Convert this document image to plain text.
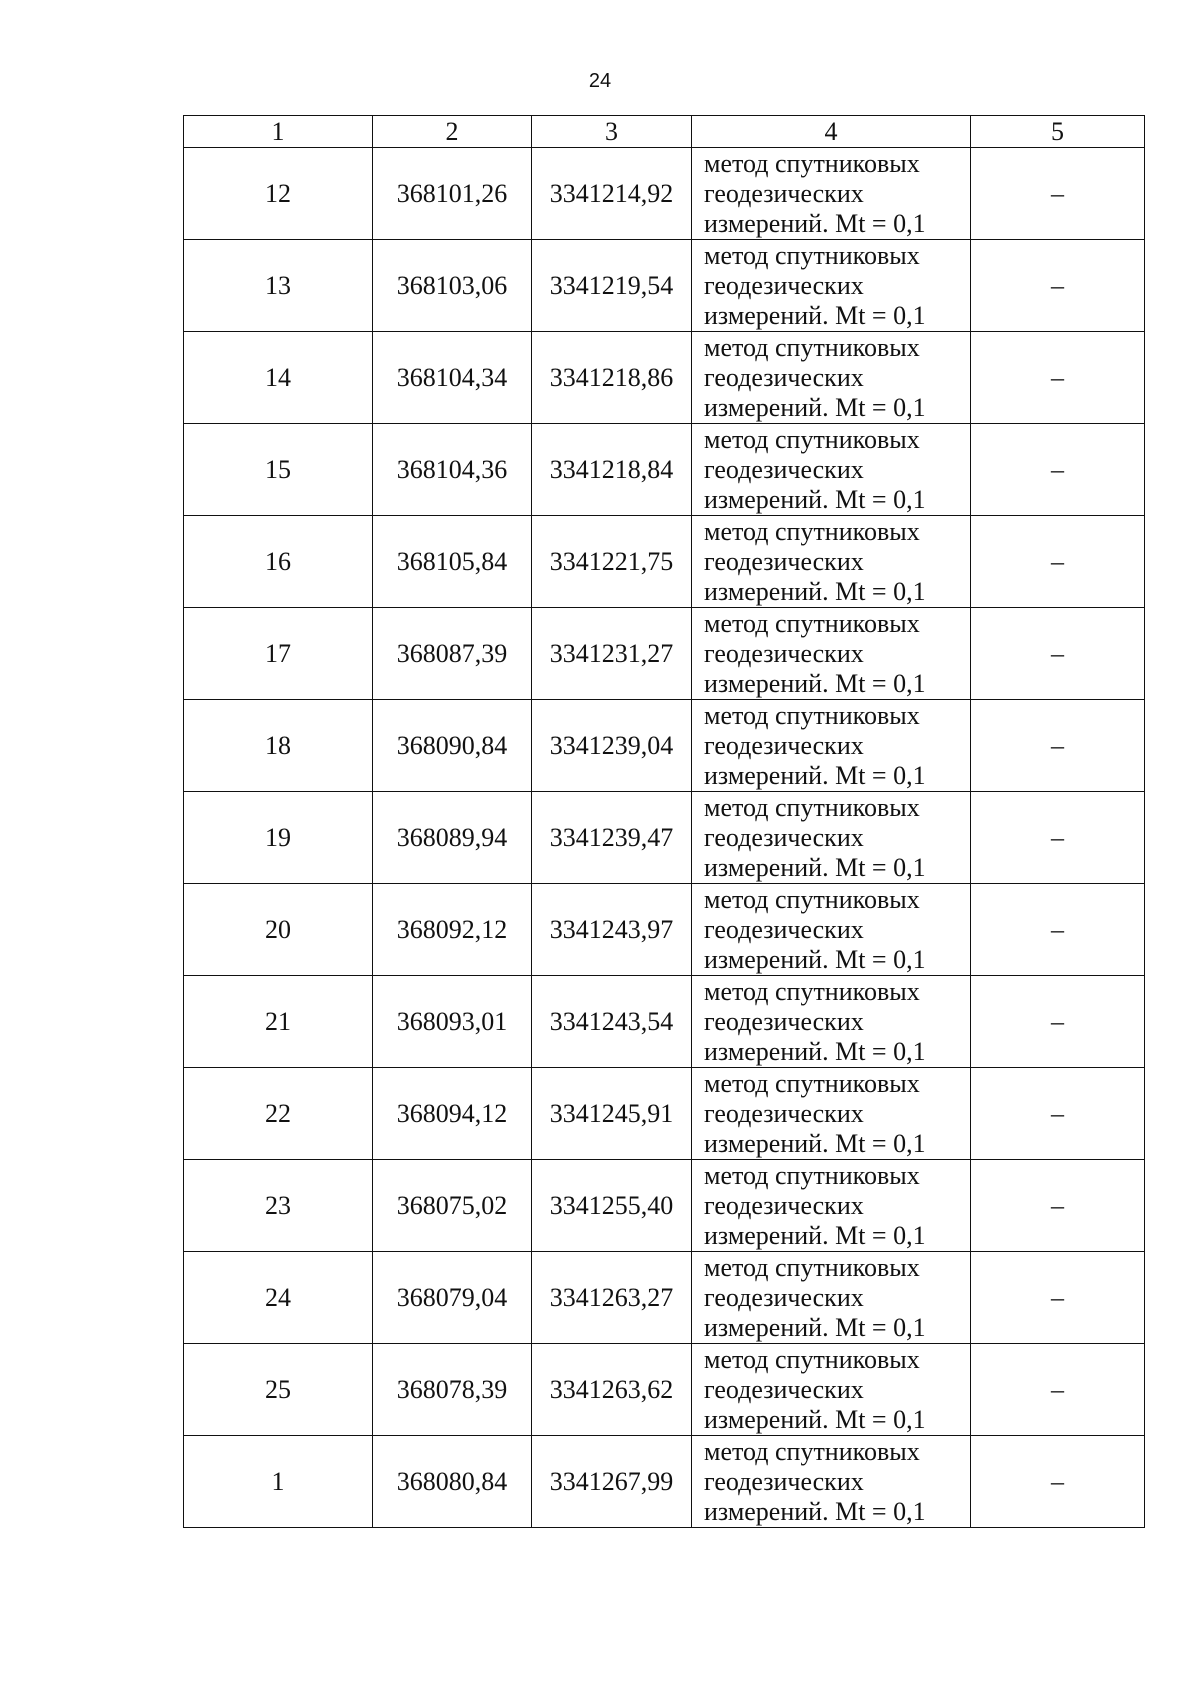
24
1	2	3	4	5
12	368101,26	3341214,92	метод спутниковых
геодезических
измерений. Mt = 0,1	–
13	368103,06	3341219,54	метод спутниковых
геодезических
измерений. Mt = 0,1	–
14	368104,34	3341218,86	метод спутниковых
геодезических
измерений. Mt = 0,1	–
15	368104,36	3341218,84	метод спутниковых
геодезических
измерений. Mt = 0,1	–
16	368105,84	3341221,75	метод спутниковых
геодезических
измерений. Mt = 0,1	–
17	368087,39	3341231,27	метод спутниковых
геодезических
измерений. Mt = 0,1	–
18	368090,84	3341239,04	метод спутниковых
геодезических
измерений. Mt = 0,1	–
19	368089,94	3341239,47	метод спутниковых
геодезических
измерений. Mt = 0,1	–
20	368092,12	3341243,97	метод спутниковых
геодезических
измерений. Mt = 0,1	–
21	368093,01	3341243,54	метод спутниковых
геодезических
измерений. Mt = 0,1	–
22	368094,12	3341245,91	метод спутниковых
геодезических
измерений. Mt = 0,1	–
23	368075,02	3341255,40	метод спутниковых
геодезических
измерений. Mt = 0,1	–
24	368079,04	3341263,27	метод спутниковых
геодезических
измерений. Mt = 0,1	–
25	368078,39	3341263,62	метод спутниковых
геодезических
измерений. Mt = 0,1	–
1	368080,84	3341267,99	метод спутниковых
геодезических
измерений. Mt = 0,1	–
